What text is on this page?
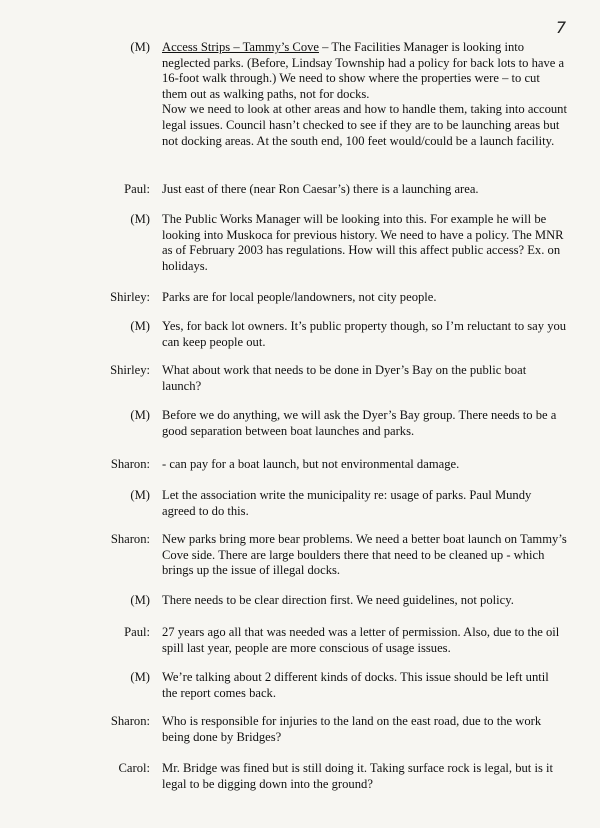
7
(M) Access Strips – Tammy’s Cove – The Facilities Manager is looking into neglected parks. (Before, Lindsay Township had a policy for back lots to have a 16-foot walk through.) We need to show where the properties were – to cut them out as walking paths, not for docks.
Now we need to look at other areas and how to handle them, taking into account legal issues. Council hasn’t checked to see if they are to be launching areas but not docking areas. At the south end, 100 feet would/could be a launch facility.
Paul: Just east of there (near Ron Caesar’s) there is a launching area.
(M) The Public Works Manager will be looking into this. For example he will be looking into Muskoca for previous history. We need to have a policy. The MNR as of February 2003 has regulations. How will this affect public access? Ex. on holidays.
Shirley: Parks are for local people/landowners, not city people.
(M) Yes, for back lot owners. It’s public property though, so I’m reluctant to say you can keep people out.
Shirley: What about work that needs to be done in Dyer’s Bay on the public boat launch?
(M) Before we do anything, we will ask the Dyer’s Bay group. There needs to be a good separation between boat launches and parks.
Sharon: - can pay for a boat launch, but not environmental damage.
(M) Let the association write the municipality re: usage of parks. Paul Mundy agreed to do this.
Sharon: New parks bring more bear problems. We need a better boat launch on Tammy’s Cove side. There are large boulders there that need to be cleaned up - which brings up the issue of illegal docks.
(M) There needs to be clear direction first. We need guidelines, not policy.
Paul: 27 years ago all that was needed was a letter of permission. Also, due to the oil spill last year, people are more conscious of usage issues.
(M) We’re talking about 2 different kinds of docks. This issue should be left until the report comes back.
Sharon: Who is responsible for injuries to the land on the east road, due to the work being done by Bridges?
Carol: Mr. Bridge was fined but is still doing it. Taking surface rock is legal, but is it legal to be digging down into the ground?
